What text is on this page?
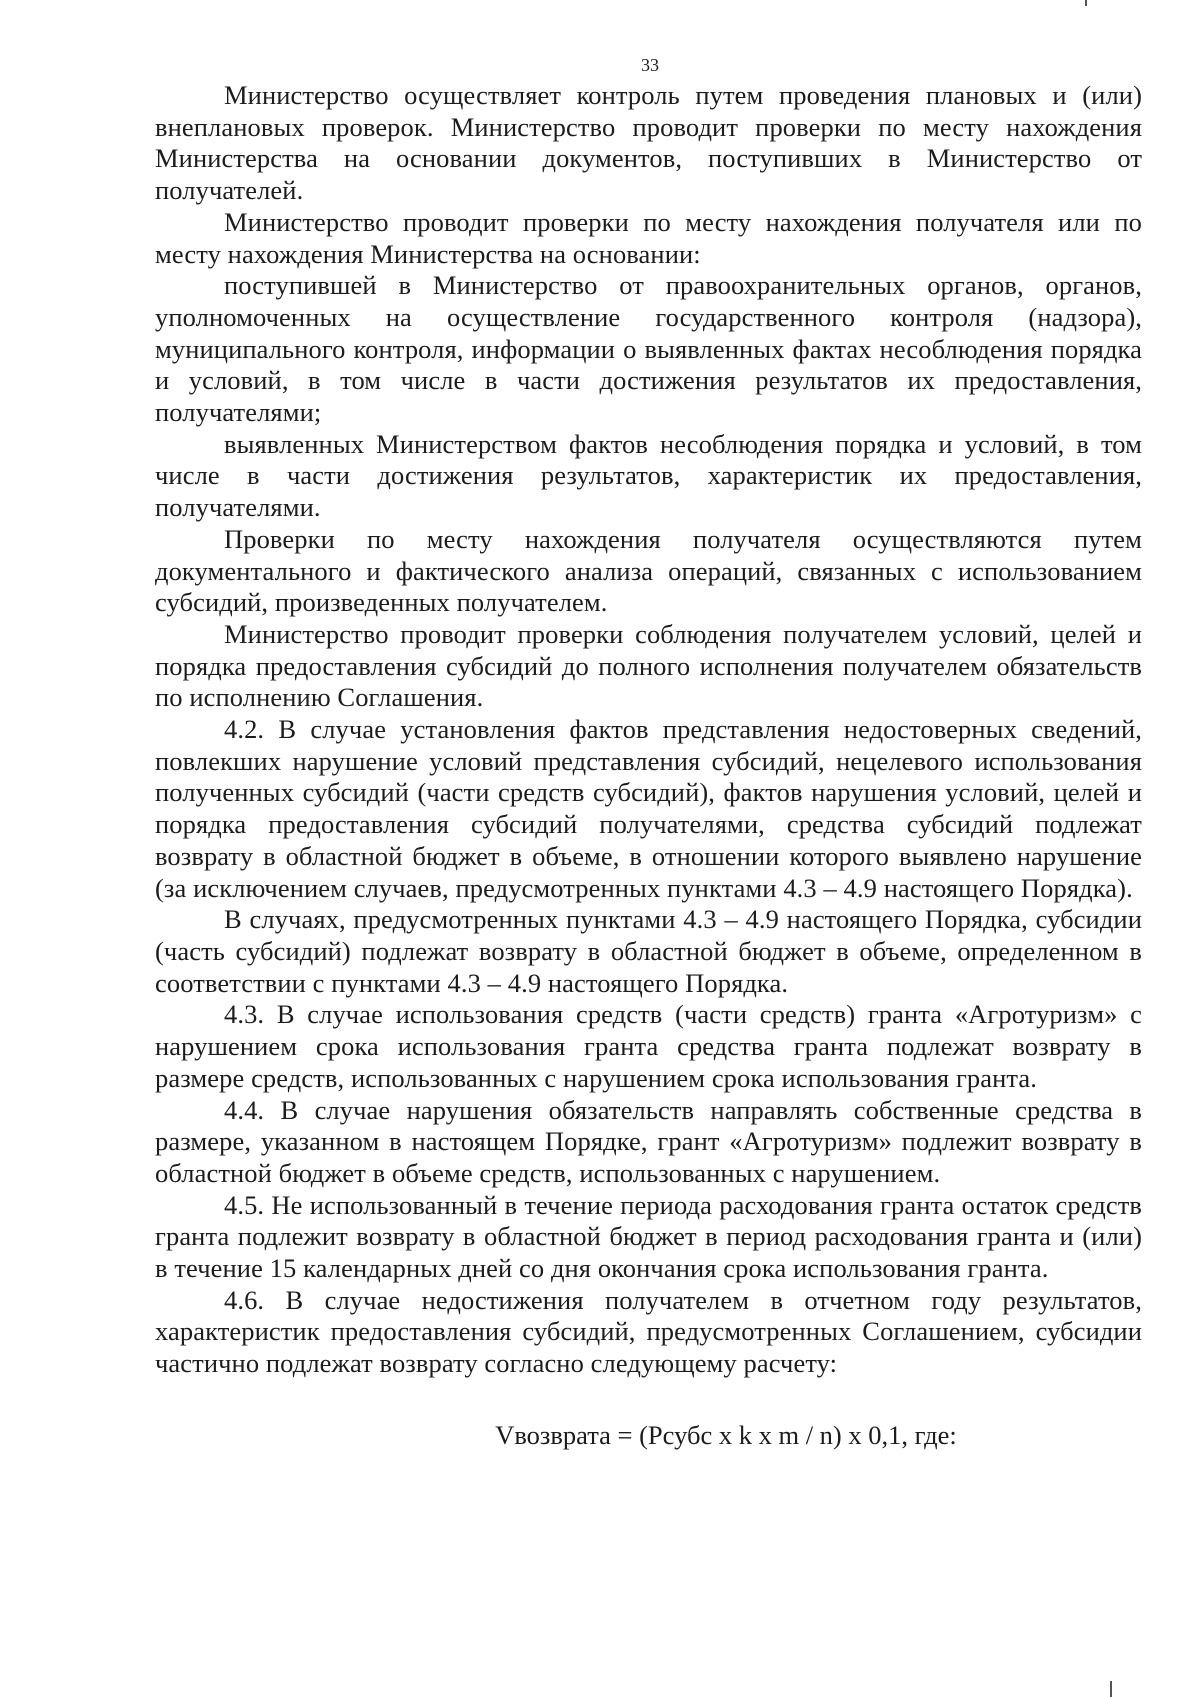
33

Министерство осуществляет контроль путем проведения плановых и (или) внеплановых проверок. Министерство проводит проверки по месту нахождения Министерства на основании документов, поступивших в Министерство от получателей.

Министерство проводит проверки по месту нахождения получателя или по месту нахождения Министерства на основании:

поступившей в Министерство от правоохранительных органов, органов, уполномоченных на осуществление государственного контроля (надзора), муниципального контроля, информации о выявленных фактах несоблюдения порядка и условий, в том числе в части достижения результатов их предоставления, получателями;

выявленных Министерством фактов несоблюдения порядка и условий, в том числе в части достижения результатов, характеристик их предоставления, получателями.

Проверки по месту нахождения получателя осуществляются путем документального и фактического анализа операций, связанных с использованием субсидий, произведенных получателем.

Министерство проводит проверки соблюдения получателем условий, целей и порядка предоставления субсидий до полного исполнения получателем обязательств по исполнению Соглашения.

4.2. В случае установления фактов представления недостоверных сведений, повлекших нарушение условий представления субсидий, нецелевого использования полученных субсидий (части средств субсидий), фактов нарушения условий, целей и порядка предоставления субсидий получателями, средства субсидий подлежат возврату в областной бюджет в объеме, в отношении которого выявлено нарушение (за исключением случаев, предусмотренных пунктами 4.3 – 4.9 настоящего Порядка).

В случаях, предусмотренных пунктами 4.3 – 4.9 настоящего Порядка, субсидии (часть субсидий) подлежат возврату в областной бюджет в объеме, определенном в соответствии с пунктами 4.3 – 4.9 настоящего Порядка.

4.3. В случае использования средств (части средств) гранта «Агротуризм» с нарушением срока использования гранта средства гранта подлежат возврату в размере средств, использованных с нарушением срока использования гранта.

4.4. В случае нарушения обязательств направлять собственные средства в размере, указанном в настоящем Порядке, грант «Агротуризм» подлежит возврату в областной бюджет в объеме средств, использованных с нарушением.

4.5. Не использованный в течение периода расходования гранта остаток средств гранта подлежит возврату в областной бюджет в период расходования гранта и (или) в течение 15 календарных дней со дня окончания срока использования гранта.

4.6. В случае недостижения получателем в отчетном году результатов, характеристик предоставления субсидий, предусмотренных Соглашением, субсидии частично подлежат возврату согласно следующему расчету:

Vвозврата = (Рсубс x k x m / n) x 0,1, где:
